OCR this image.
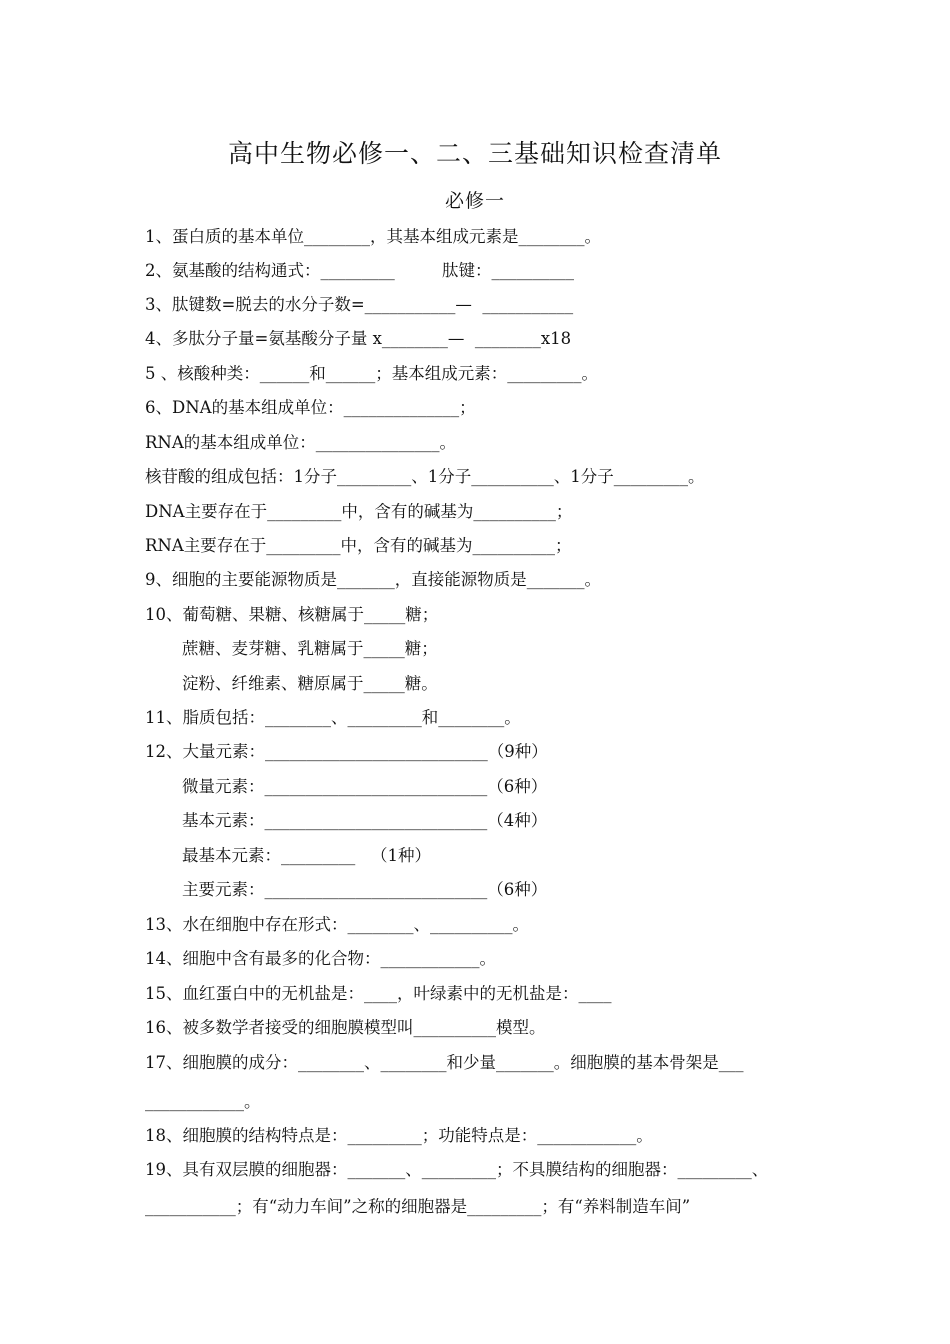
高中生物必修一、二、三基础知识检查清单
必修一
1、蛋白质的基本单位________，其基本组成元素是________。
2、氨基酸的结构通式：_________         肽键：__________
3、肽键数=脱去的水分子数=___________—  ___________
4、多肽分子量=氨基酸分子量 x________—  ________x18
5 、核酸种类：______和______；基本组成元素：_________。
6、DNA的基本组成单位：______________；
RNA的基本组成单位：_______________。
核苷酸的组成包括：1分子_________、1分子__________、1分子_________。
DNA主要存在于_________中，含有的碱基为__________；
RNA主要存在于_________中，含有的碱基为__________；
9、细胞的主要能源物质是_______，直接能源物质是_______。
10、葡萄糖、果糖、核糖属于_____糖；
蔗糖、麦芽糖、乳糖属于_____糖；
淀粉、纤维素、糖原属于_____糖。
11、脂质包括：________、_________和________。
12、大量元素：___________________________（9种）
微量元素：___________________________（6种）
基本元素：___________________________（4种）
最基本元素：_________   （1种）
主要元素：___________________________（6种）
13、水在细胞中存在形式：________、__________。
14、细胞中含有最多的化合物：____________。
15、血红蛋白中的无机盐是：____，叶绿素中的无机盐是：____
16、被多数学者接受的细胞膜模型叫__________模型。
17、细胞膜的成分：________、________和少量_______。细胞膜的基本骨架是___
____________。
18、细胞膜的结构特点是：_________；功能特点是：____________。
19、具有双层膜的细胞器：_______、_________；不具膜结构的细胞器：_________、
___________；有“动力车间”之称的细胞器是_________；有“养料制造车间”
